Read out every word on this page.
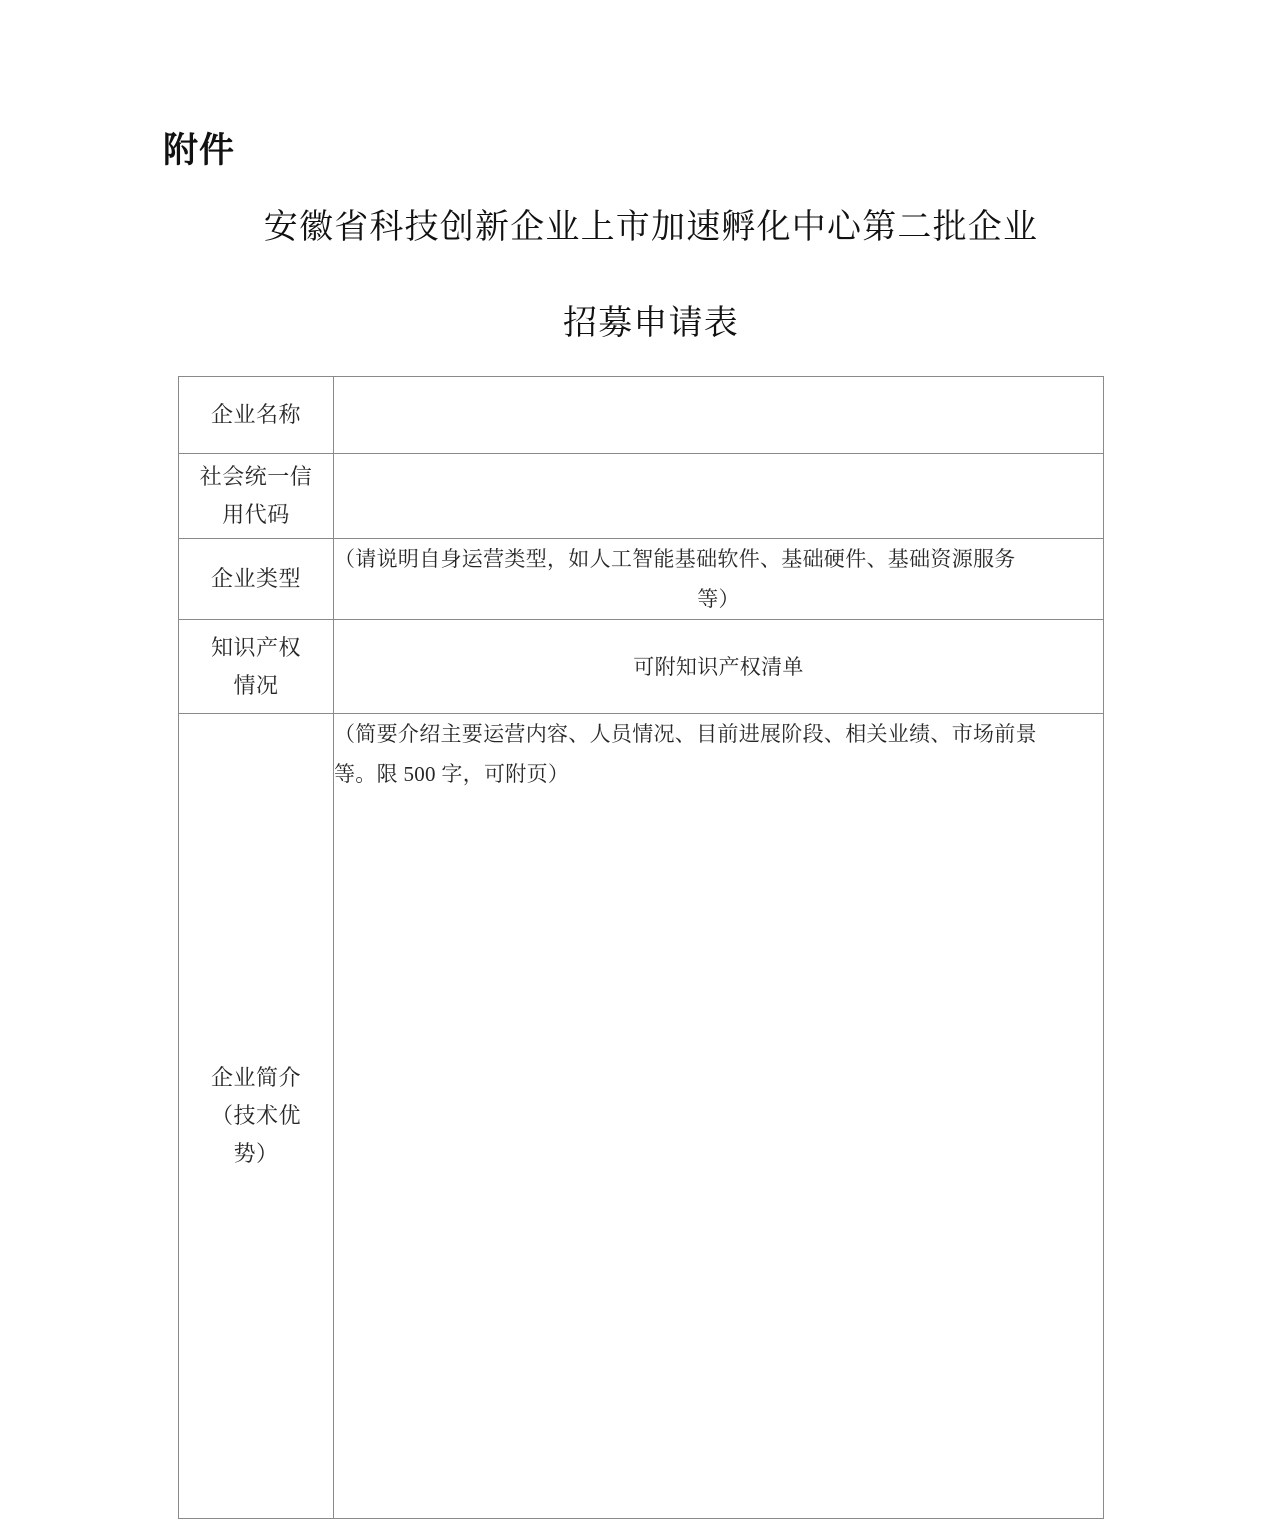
附件
安徽省科技创新企业上市加速孵化中心第二批企业
招募申请表
企业名称	

社会统一信
用代码	

企业类型	（请说明自身运营类型，如人工智能基础软件、基础硬件、基础资源服务
等）

知识产权
情况	可附知识产权清单

企业简介
（技术优
势）	（简要介绍主要运营内容、人员情况、目前进展阶段、相关业绩、市场前景
等。限 500 字，可附页）
